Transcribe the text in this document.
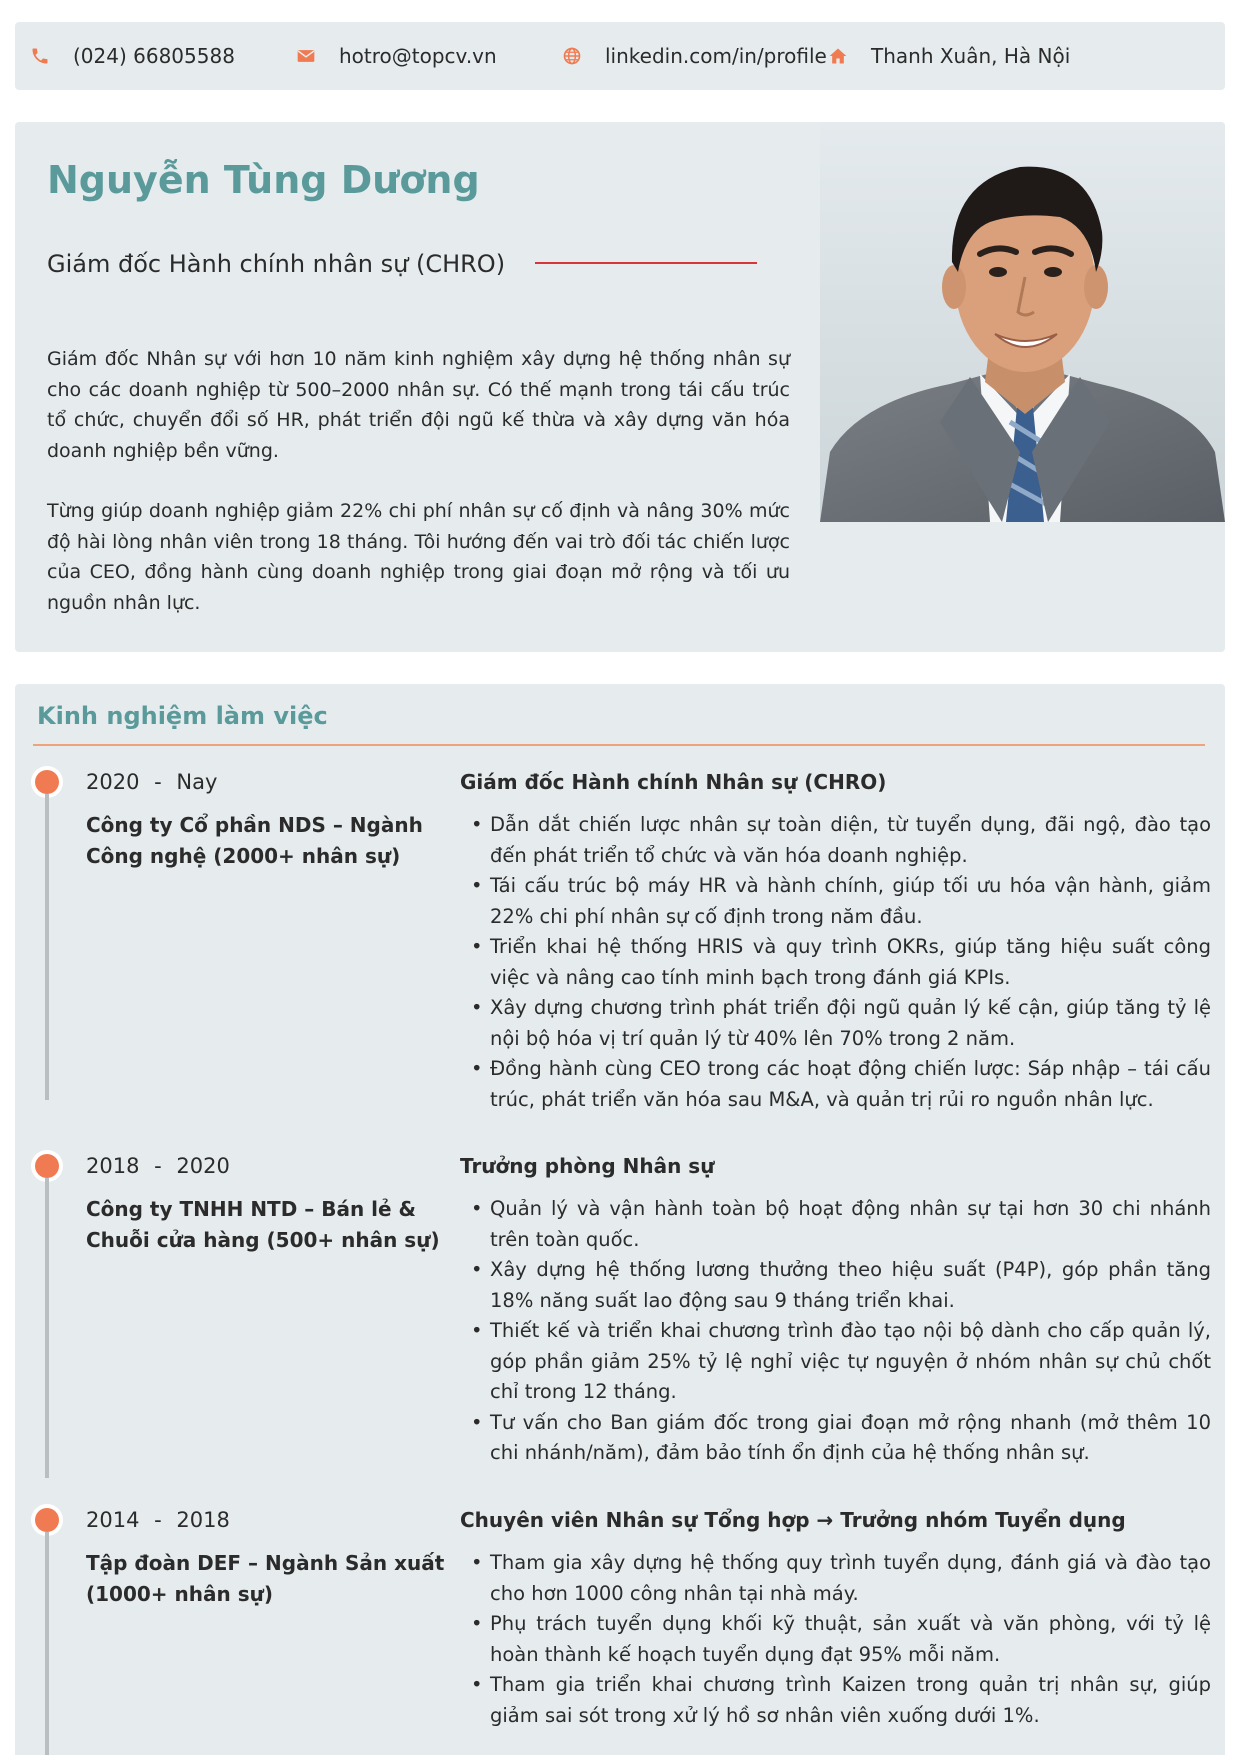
(024) 66805588	hotro@topcv.vn	linkedin.com/in/profile Thanh Xuân, Hà Nội
Nguyễn Tùng Dương
Giám đốc Hành chính nhân sự (CHRO)

Giám đốc Nhân sự với hơn 10 năm kinh nghiệm xây dựng hệ thống nhân sự cho các doanh nghiệp từ 500–2000 nhân sự. Có thế mạnh trong tái cấu trúc tổ chức, chuyển đổi số HR, phát triển đội ngũ kế thừa và xây dựng văn hóa doanh nghiệp bền vững.

Từng giúp doanh nghiệp giảm 22% chi phí nhân sự cố định và nâng 30% mức độ hài lòng nhân viên trong 18 tháng. Tôi hướng đến vai trò đối tác chiến lược của CEO, đồng hành cùng doanh nghiệp trong giai đoạn mở rộng và tối ưu nguồn nhân lực.

Kinh nghiệm làm việc
2020 - Nay
Công ty Cổ phần NDS – Ngành Công nghệ (2000+ nhân sự)
Giám đốc Hành chính Nhân sự (CHRO)
• Dẫn dắt chiến lược nhân sự toàn diện, từ tuyển dụng, đãi ngộ, đào tạo đến phát triển tổ chức và văn hóa doanh nghiệp.
• Tái cấu trúc bộ máy HR và hành chính, giúp tối ưu hóa vận hành, giảm 22% chi phí nhân sự cố định trong năm đầu.
• Triển khai hệ thống HRIS và quy trình OKRs, giúp tăng hiệu suất công việc và nâng cao tính minh bạch trong đánh giá KPIs.
• Xây dựng chương trình phát triển đội ngũ quản lý kế cận, giúp tăng tỷ lệ nội bộ hóa vị trí quản lý từ 40% lên 70% trong 2 năm.
• Đồng hành cùng CEO trong các hoạt động chiến lược: Sáp nhập – tái cấu trúc, phát triển văn hóa sau M&A, và quản trị rủi ro nguồn nhân lực.
2018 - 2020
Công ty TNHH NTD – Bán lẻ & Chuỗi cửa hàng (500+ nhân sự)
Trưởng phòng Nhân sự
• Quản lý và vận hành toàn bộ hoạt động nhân sự tại hơn 30 chi nhánh trên toàn quốc.
• Xây dựng hệ thống lương thưởng theo hiệu suất (P4P), góp phần tăng 18% năng suất lao động sau 9 tháng triển khai.
• Thiết kế và triển khai chương trình đào tạo nội bộ dành cho cấp quản lý, góp phần giảm 25% tỷ lệ nghỉ việc tự nguyện ở nhóm nhân sự chủ chốt chỉ trong 12 tháng.
• Tư vấn cho Ban giám đốc trong giai đoạn mở rộng nhanh (mở thêm 10 chi nhánh/năm), đảm bảo tính ổn định của hệ thống nhân sự.
2014 - 2018
Tập đoàn DEF – Ngành Sản xuất (1000+ nhân sự)
Chuyên viên Nhân sự Tổng hợp → Trưởng nhóm Tuyển dụng
• Tham gia xây dựng hệ thống quy trình tuyển dụng, đánh giá và đào tạo cho hơn 1000 công nhân tại nhà máy.
• Phụ trách tuyển dụng khối kỹ thuật, sản xuất và văn phòng, với tỷ lệ hoàn thành kế hoạch tuyển dụng đạt 95% mỗi năm.
• Tham gia triển khai chương trình Kaizen trong quản trị nhân sự, giúp giảm sai sót trong xử lý hồ sơ nhân viên xuống dưới 1%.
